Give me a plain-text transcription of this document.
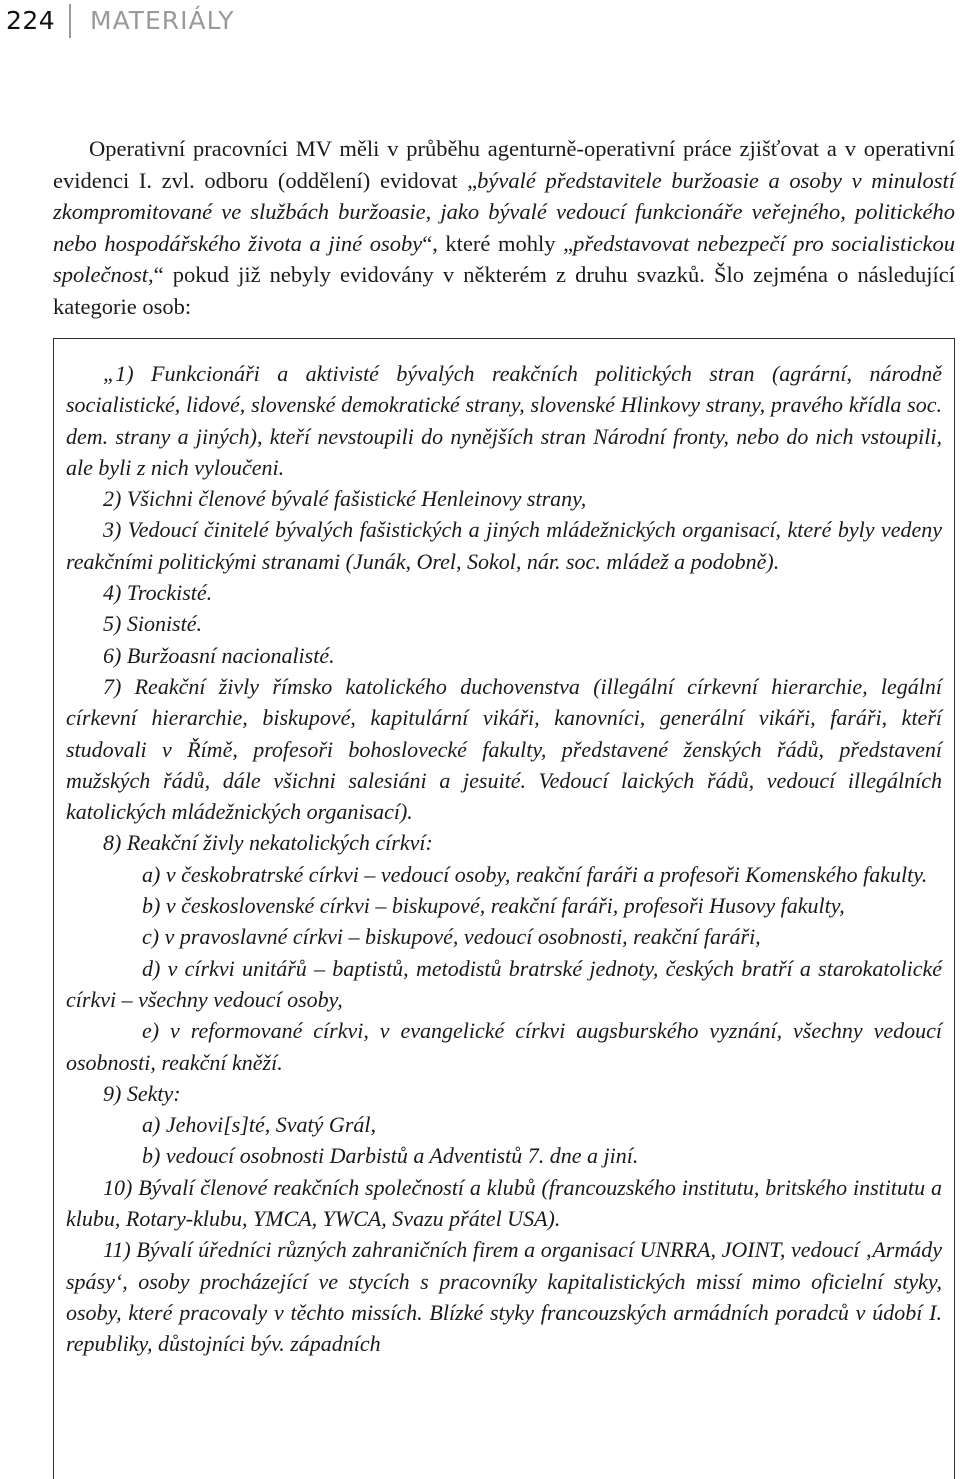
224 MATERIÁLY

Operativní pracovníci MV měli v průběhu agenturně-operativní práce zjišťovat a v operativní evidenci I. zvl. odboru (oddělení) evidovat „bývalé představitele buržoasie a osoby v minulostí zkompromitované ve službách buržoasie, jako bývalé vedoucí funkcionáře veřejného, politického nebo hospodářského života a jiné osoby“, které mohly „představovat nebezpečí pro socialistickou společnost,“ pokud již nebyly evidovány v některém z druhu svazků. Šlo zejména o následující kategorie osob:

„1) Funkcionáři a aktivisté bývalých reakčních politických stran (agrární, národně socialistické, lidové, slovenské demokratické strany, slovenské Hlinkovy strany, pravého křídla soc. dem. strany a jiných), kteří nevstoupili do nynějších stran Národní fronty, nebo do nich vstoupili, ale byli z nich vyloučeni.

2) Všichni členové bývalé fašistické Henleinovy strany,

3) Vedoucí činitelé bývalých fašistických a jiných mládežnických organisací, které byly vedeny reakčními politickými stranami (Junák, Orel, Sokol, nár. soc. mládež a podobně).

4) Trockisté.

5) Sionisté.

6) Buržoasní nacionalisté.

7) Reakční živly římsko katolického duchovenstva (illegální církevní hierarchie, legální církevní hierarchie, biskupové, kapitulární vikáři, kanovníci, generální vikáři, faráři, kteří studovali v Římě, profesoři bohoslovecké fakulty, představené ženských řádů, představení mužských řádů, dále všichni salesiáni a jesuité. Vedoucí laických řádů, vedoucí illegálních katolických mládežnických organisací).

8) Reakční živly nekatolických církví:

a) v českobratrské církvi – vedoucí osoby, reakční faráři a profesoři Komenského fakulty.

b) v československé církvi – biskupové, reakční faráři, profesoři Husovy fakulty,

c) v pravoslavné církvi – biskupové, vedoucí osobnosti, reakční faráři,

d) v církvi unitářů – baptistů, metodistů bratrské jednoty, českých bratří a starokatolické církvi – všechny vedoucí osoby,

e) v reformované církvi, v evangelické církvi augsburského vyznání, všechny vedoucí osobnosti, reakční kněží.

9) Sekty:

a) Jehovi[s]té, Svatý Grál,

b) vedoucí osobnosti Darbistů a Adventistů 7. dne a jiní.

10) Bývalí členové reakčních společností a klubů (francouzského institutu, britského institutu a klubu, Rotary-klubu, YMCA, YWCA, Svazu přátel USA).

11) Bývalí úředníci různých zahraničních firem a organisací UNRRA, JOINT, vedoucí ‚Armády spásy‘, osoby procházející ve stycích s pracovníky kapitalistických missí mimo oficielní styky, osoby, které pracovaly v těchto missích. Blízké styky francouzských armádních poradců v údobí I. republiky, důstojníci býv. západních
